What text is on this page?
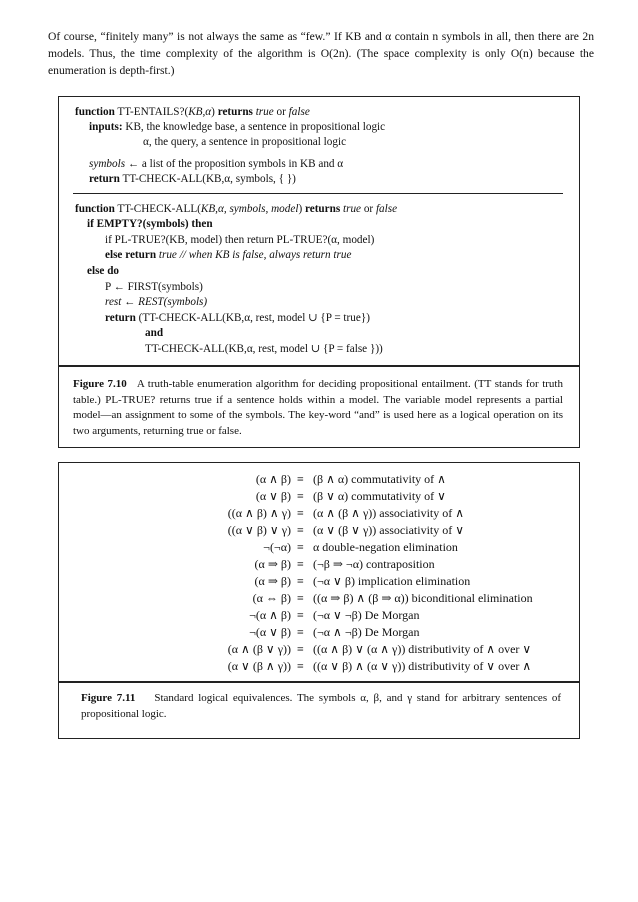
Of course, “finitely many” is not always the same as “few.” If KB and α contain n symbols in all, then there are 2n models. Thus, the time complexity of the algorithm is O(2n). (The space complexity is only O(n) because the enumeration is depth-first.)
function TT-ENTAILS?(KB,α) returns true or false
inputs: KB, the knowledge base, a sentence in propositional logic
α, the query, a sentence in propositional logic
symbols ← a list of the proposition symbols in KB and α
return TT-CHECK-ALL(KB,α, symbols, { })
function TT-CHECK-ALL(KB,α, symbols, model) returns true or false
if EMPTY?(symbols) then
if PL-TRUE?(KB, model) then return PL-TRUE?(α, model)
else return true // when KB is false, always return true
else do
P ← FIRST(symbols)
rest ← REST(symbols)
return (TT-CHECK-ALL(KB,α, rest, model ∪ {P = true})
and
TT-CHECK-ALL(KB,α, rest, model ∪ {P = false }))
Figure 7.10 A truth-table enumeration algorithm for deciding propositional entailment. (TT stands for truth table.) PL-TRUE? returns true if a sentence holds within a model. The variable model represents a partial model—an assignment to some of the symbols. The key-word “and” is used here as a logical operation on its two arguments, returning true or false.
(α ∧ β) ≡ (β ∧ α) commutativity of ∧
(α ∨ β) ≡ (β ∨ α) commutativity of ∨
((α ∧ β) ∧ γ) ≡ (α ∧ (β ∧ γ)) associativity of ∧
((α ∨ β) ∨ γ) ≡ (α ∨ (β ∨ γ)) associativity of ∨
¬(¬α) ≡ α double-negation elimination
(α ⇒ β) ≡ (¬β ⇒ ¬α) contraposition
(α ⇒ β) ≡ (¬α ∨ β) implication elimination
(α ⇔ β) ≡ ((α ⇒ β) ∧ (β ⇒ α)) biconditional elimination
¬(α ∧ β) ≡ (¬α ∨ ¬β) De Morgan
¬(α ∨ β) ≡ (¬α ∧ ¬β) De Morgan
(α ∧ (β ∨ γ)) ≡ ((α ∧ β) ∨ (α ∧ γ)) distributivity of ∧ over ∨
(α ∨ (β ∧ γ)) ≡ ((α ∨ β) ∧ (α ∨ γ)) distributivity of ∨ over ∧
Figure 7.11 Standard logical equivalences. The symbols α, β, and γ stand for arbitrary sentences of propositional logic.
